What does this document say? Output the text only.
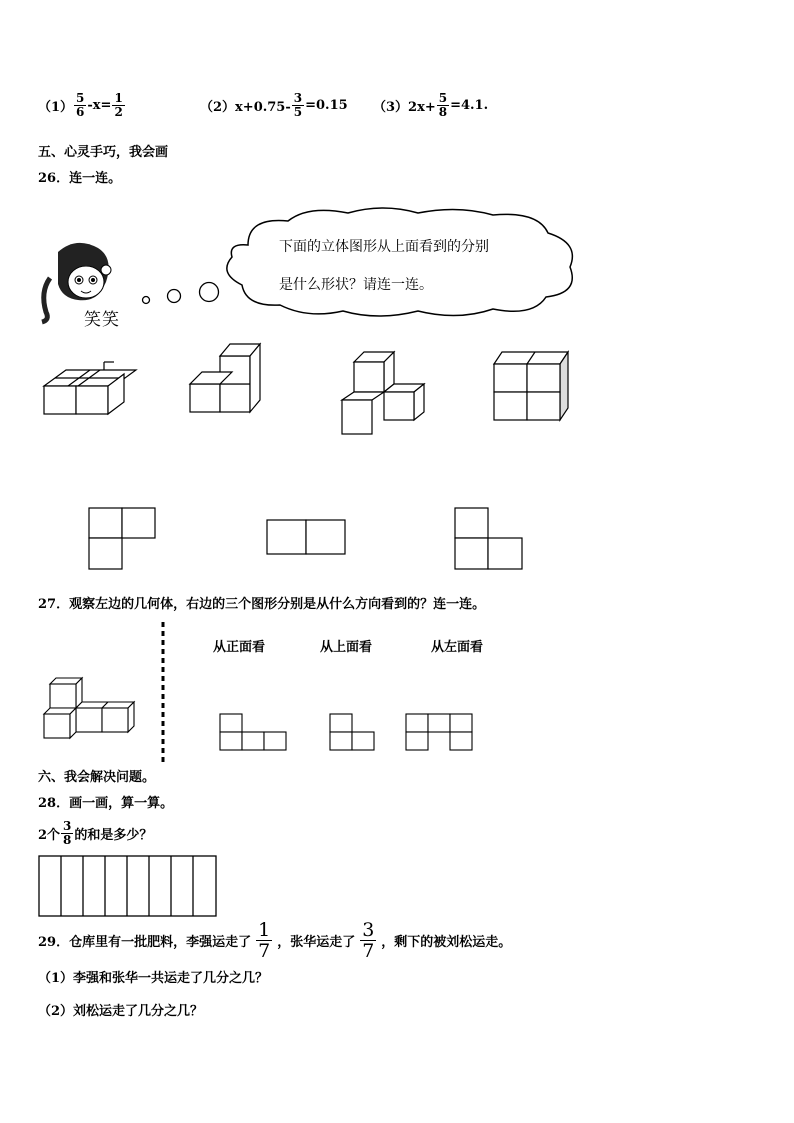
$(1) \frac{5}{6} -x= \frac{1}{2}$	$(2)x+0.75- \frac{3}{5} =0.15$ $(3)2x+ \frac{5}{8} =4.1$.
五、心灵手巧，我会画
26．连一连。
笑笑
下面的立体图形从上面看到的分别
是什么形状？请连一连。
27．观察左边的几何体，右边的三个图形分别是从什么方向看到的？连一连。
从正面看	从上面看	从左面看
六、我会解决问题。
28．画一画，算一算。
2个 $\frac{3}{8}$ 的和是多少？
29．仓库里有一批肥料，李强运走了 $\frac{1}{7}$ ，张华运走了 $\frac{3}{7}$ ，剩下的被刘松运走。
（1）李强和张华一共运走了几分之几？
（2）刘松运走了几分之几？
